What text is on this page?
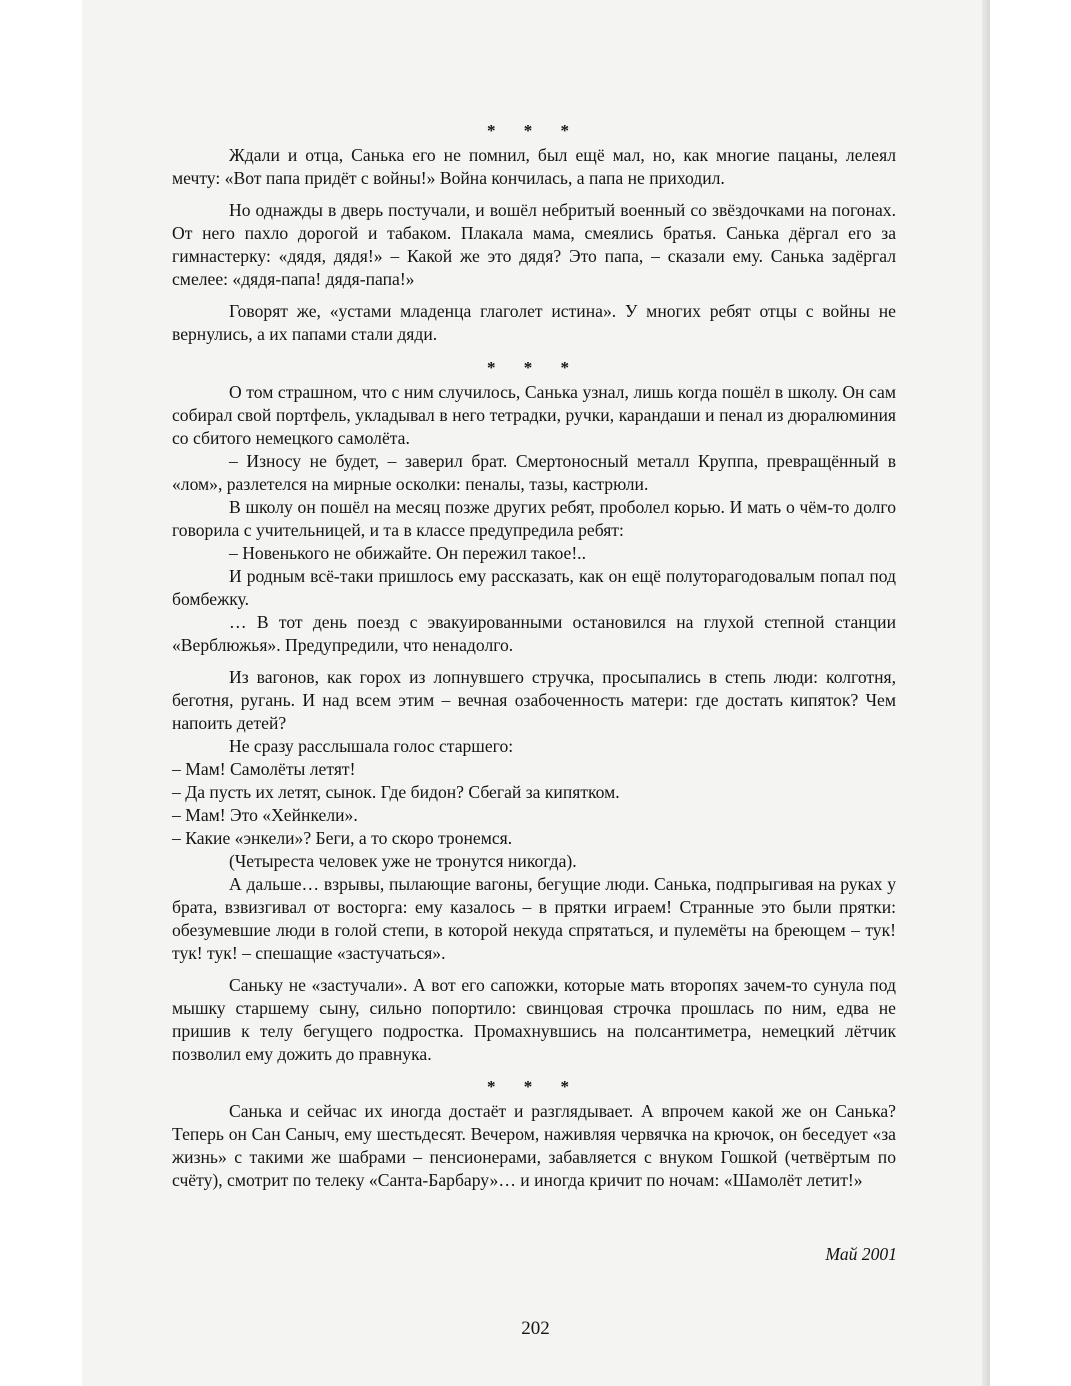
* * *

Ждали и отца, Санька его не помнил, был ещё мал, но, как многие пацаны, лелеял мечту: «Вот папа придёт с войны!» Война кончилась, а папа не приходил.

Но однажды в дверь постучали, и вошёл небритый военный со звёздочками на погонах. От него пахло дорогой и табаком. Плакала мама, смеялись братья. Санька дёргал его за гимнастерку: «дядя, дядя!» – Какой же это дядя? Это папа, – сказали ему. Санька задёргал смелее: «дядя-папа! дядя-папа!»

Говорят же, «устами младенца глаголет истина». У многих ребят отцы с войны не вернулись, а их папами стали дяди.

* * *

О том страшном, что с ним случилось, Санька узнал, лишь когда пошёл в школу. Он сам собирал свой портфель, укладывал в него тетрадки, ручки, карандаши и пенал из дюралюминия со сбитого немецкого самолёта.

– Износу не будет, – заверил брат. Смертоносный металл Круппа, превращённый в «лом», разлетелся на мирные осколки: пеналы, тазы, кастрюли.

В школу он пошёл на месяц позже других ребят, проболел корью. И мать о чём-то долго говорила с учительницей, и та в классе предупредила ребят:

– Новенького не обижайте. Он пережил такое!..

И родным всё-таки пришлось ему рассказать, как он ещё полуторагодовалым попал под бомбежку.

… В тот день поезд с эвакуированными остановился на глухой степной станции «Верблюжья». Предупредили, что ненадолго.

Из вагонов, как горох из лопнувшего стручка, просыпались в степь люди: колготня, беготня, ругань. И над всем этим – вечная озабоченность матери: где достать кипяток? Чем напоить детей?

Не сразу расслышала голос старшего:

– Мам! Самолёты летят!

– Да пусть их летят, сынок. Где бидон? Сбегай за кипятком.

– Мам! Это «Хейнкели».

– Какие «энкели»? Беги, а то скоро тронемся.

(Четыреста человек уже не тронутся никогда).

А дальше… взрывы, пылающие вагоны, бегущие люди. Санька, подпрыгивая на руках у брата, взвизгивал от восторга: ему казалось – в прятки играем! Странные это были прятки: обезумевшие люди в голой степи, в которой некуда спрятаться, и пулемёты на бреющем – тук! тук! тук! – спешащие «застучаться».

Саньку не «застучали». А вот его сапожки, которые мать второпях зачем-то сунула под мышку старшему сыну, сильно попортило: свинцовая строчка прошлась по ним, едва не пришив к телу бегущего подростка. Промахнувшись на полсантиметра, немецкий лётчик позволил ему дожить до правнука.

* * *

Санька и сейчас их иногда достаёт и разглядывает. А впрочем какой же он Санька? Теперь он Сан Саныч, ему шестьдесят. Вечером, наживляя червячка на крючок, он беседует «за жизнь» с такими же шабрами – пенсионерами, забавляется с внуком Гошкой (четвёртым по счёту), смотрит по телеку «Санта-Барбару»… и иногда кричит по ночам: «Шамолёт летит!»

Май 2001
202
